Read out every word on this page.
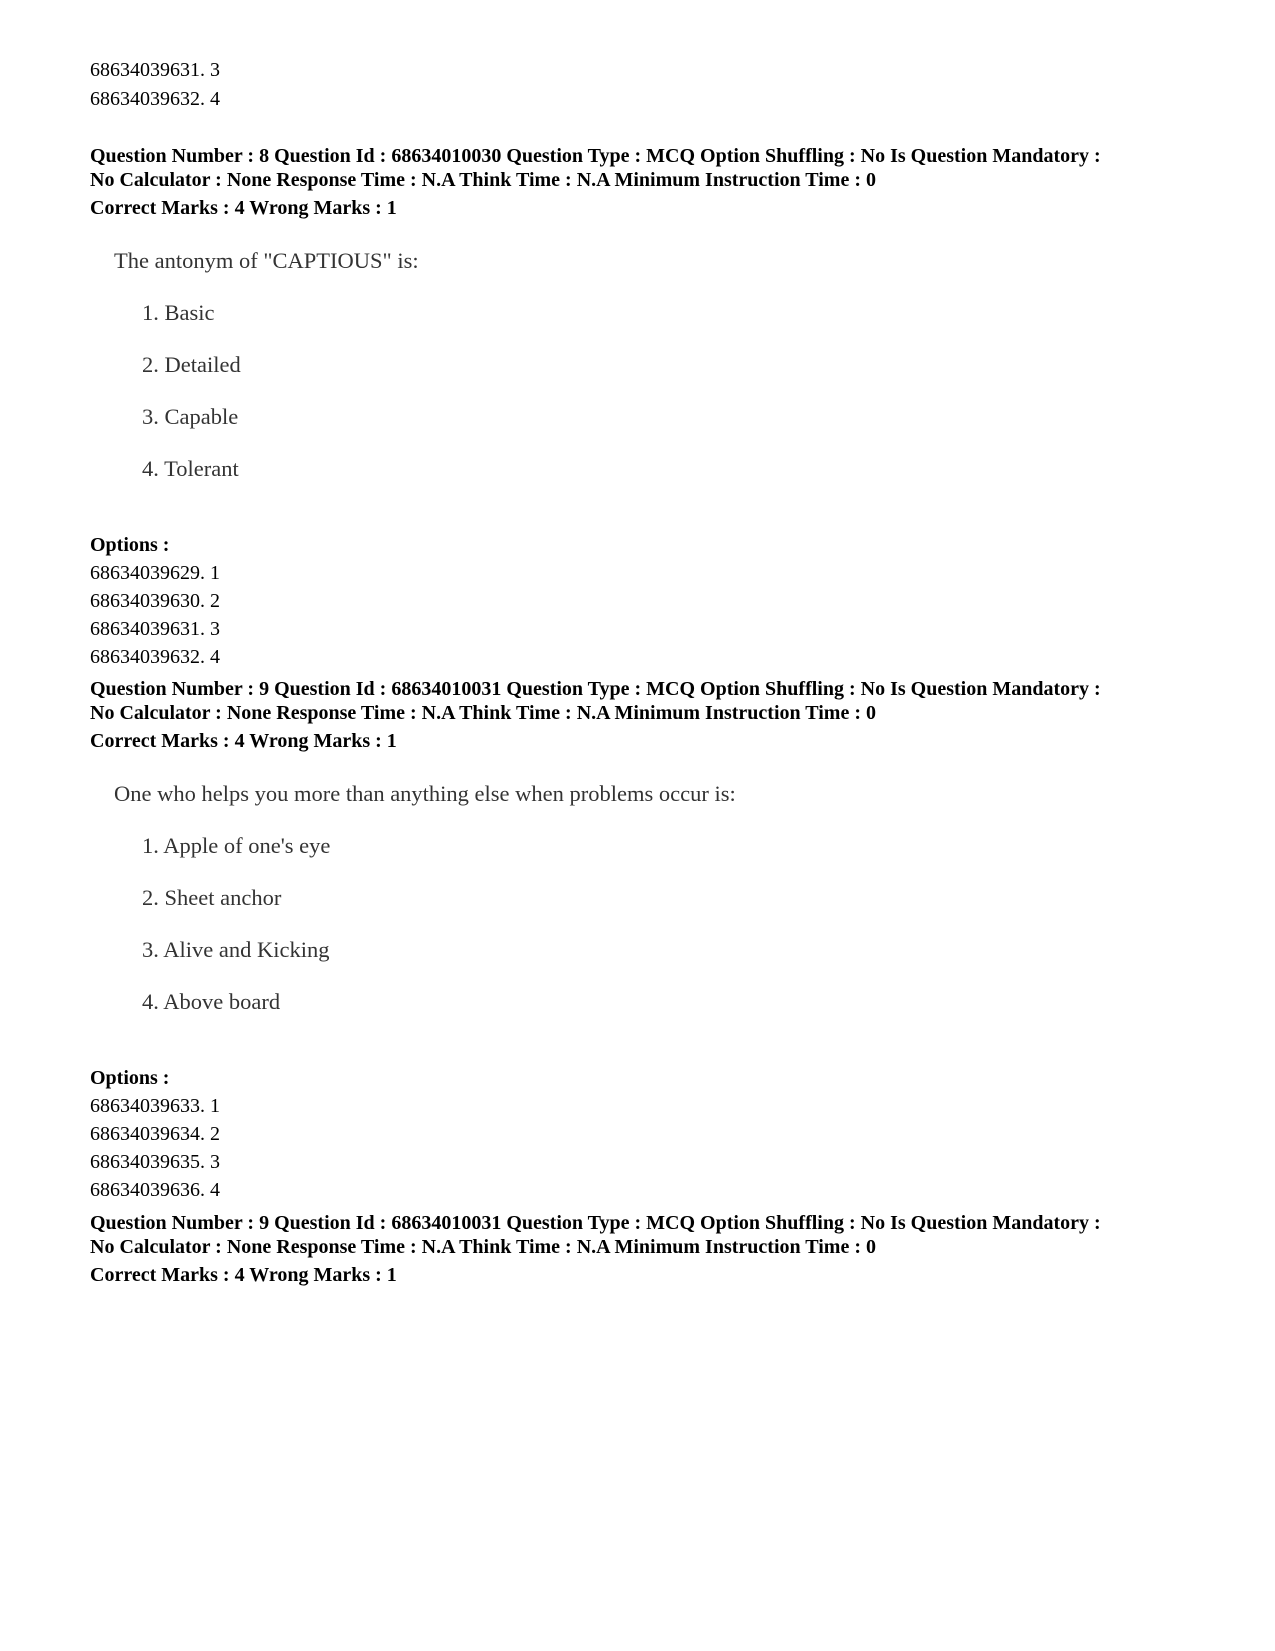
68634039631. 3

68634039632. 4

Question Number : 8 Question Id : 68634010030 Question Type : MCQ Option Shuffling : No Is Question Mandatory :

No Calculator : None Response Time : N.A Think Time : N.A Minimum Instruction Time : 0

Correct Marks : 4 Wrong Marks : 1

The antonym of "CAPTIOUS" is:
1. Basic
2. Detailed
3. Capable
4. Tolerant

Options :

68634039629. 1
68634039630. 2
68634039631. 3
68634039632. 4

Question Number : 9 Question Id : 68634010031 Question Type : MCQ Option Shuffling : No Is Question Mandatory :

No Calculator : None Response Time : N.A Think Time : N.A Minimum Instruction Time : 0

Correct Marks : 4 Wrong Marks : 1

One who helps you more than anything else when problems occur is:
1. Apple of one's eye
2. Sheet anchor
3. Alive and Kicking
4. Above board

Options :

68634039633. 1
68634039634. 2
68634039635. 3
68634039636. 4

Question Number : 9 Question Id : 68634010031 Question Type : MCQ Option Shuffling : No Is Question Mandatory :

No Calculator : None Response Time : N.A Think Time : N.A Minimum Instruction Time : 0

Correct Marks : 4 Wrong Marks : 1
